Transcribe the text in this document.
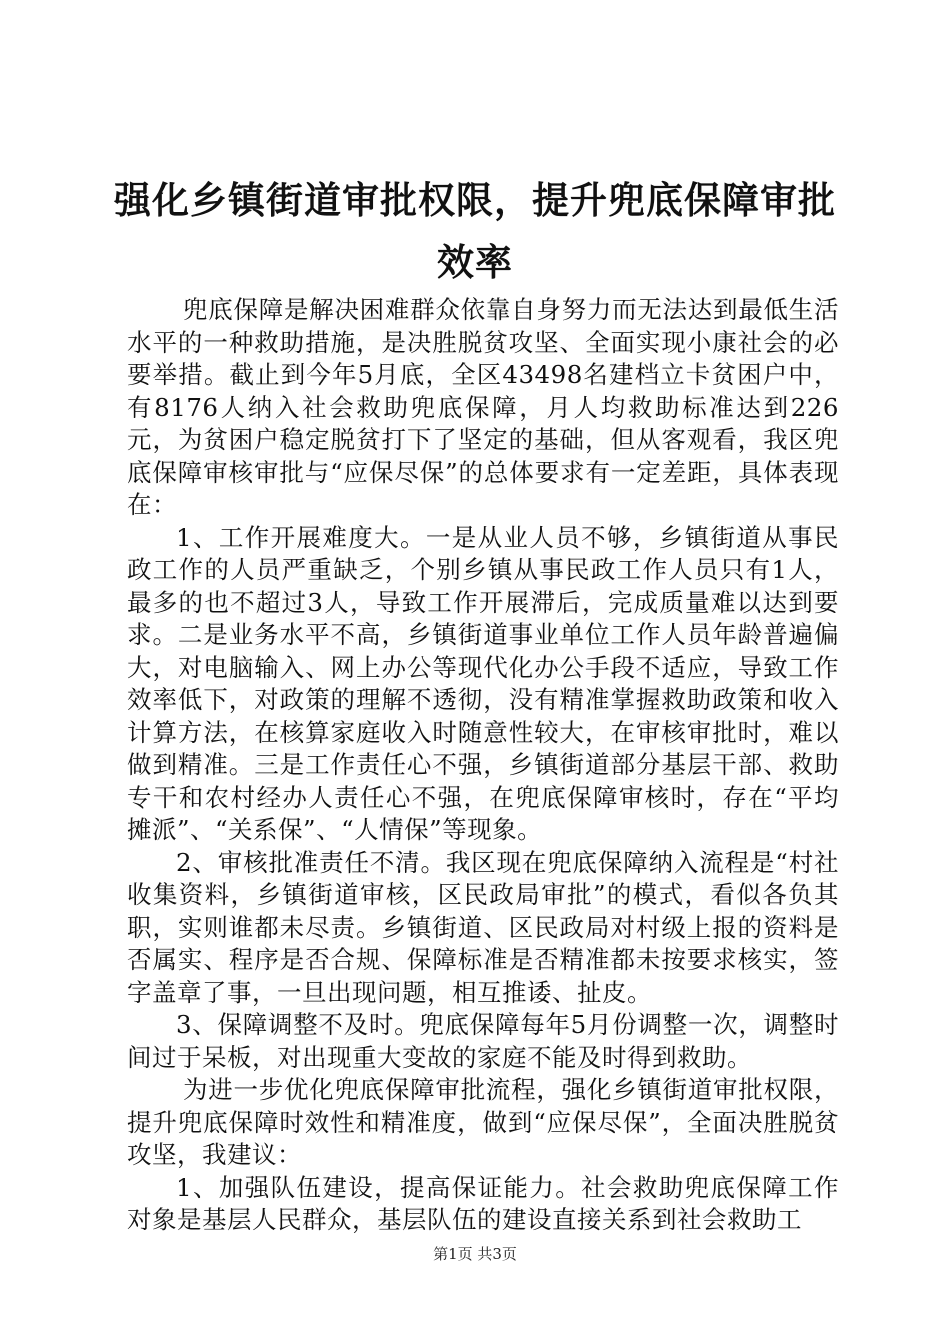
强化乡镇街道审批权限，提升兜底保障审批效率

兜底保障是解决困难群众依靠自身努力而无法达到最低生活水平的一种救助措施，是决胜脱贫攻坚、全面实现小康社会的必要举措。截止到今年5月底，全区43498名建档立卡贫困户中，有8176人纳入社会救助兜底保障，月人均救助标准达到226元，为贫困户稳定脱贫打下了坚定的基础，但从客观看，我区兜底保障审核审批与“应保尽保”的总体要求有一定差距，具体表现在：

1、工作开展难度大。一是从业人员不够，乡镇街道从事民政工作的人员严重缺乏，个别乡镇从事民政工作人员只有1人，最多的也不超过3人，导致工作开展滞后，完成质量难以达到要求。二是业务水平不高，乡镇街道事业单位工作人员年龄普遍偏大，对电脑输入、网上办公等现代化办公手段不适应，导致工作效率低下，对政策的理解不透彻，没有精准掌握救助政策和收入计算方法，在核算家庭收入时随意性较大，在审核审批时，难以做到精准。三是工作责任心不强，乡镇街道部分基层干部、救助专干和农村经办人责任心不强，在兜底保障审核时，存在“平均摊派”、“关系保”、“人情保”等现象。

2、审核批准责任不清。我区现在兜底保障纳入流程是“村社收集资料，乡镇街道审核，区民政局审批”的模式，看似各负其职，实则谁都未尽责。乡镇街道、区民政局对村级上报的资料是否属实、程序是否合规、保障标准是否精准都未按要求核实，签字盖章了事，一旦出现问题，相互推诿、扯皮。

3、保障调整不及时。兜底保障每年5月份调整一次，调整时间过于呆板，对出现重大变故的家庭不能及时得到救助。

为进一步优化兜底保障审批流程，强化乡镇街道审批权限，提升兜底保障时效性和精准度，做到“应保尽保”，全面决胜脱贫攻坚，我建议：

1、加强队伍建设，提高保证能力。社会救助兜底保障工作对象是基层人民群众，基层队伍的建设直接关系到社会救助工

第1页 共3页
